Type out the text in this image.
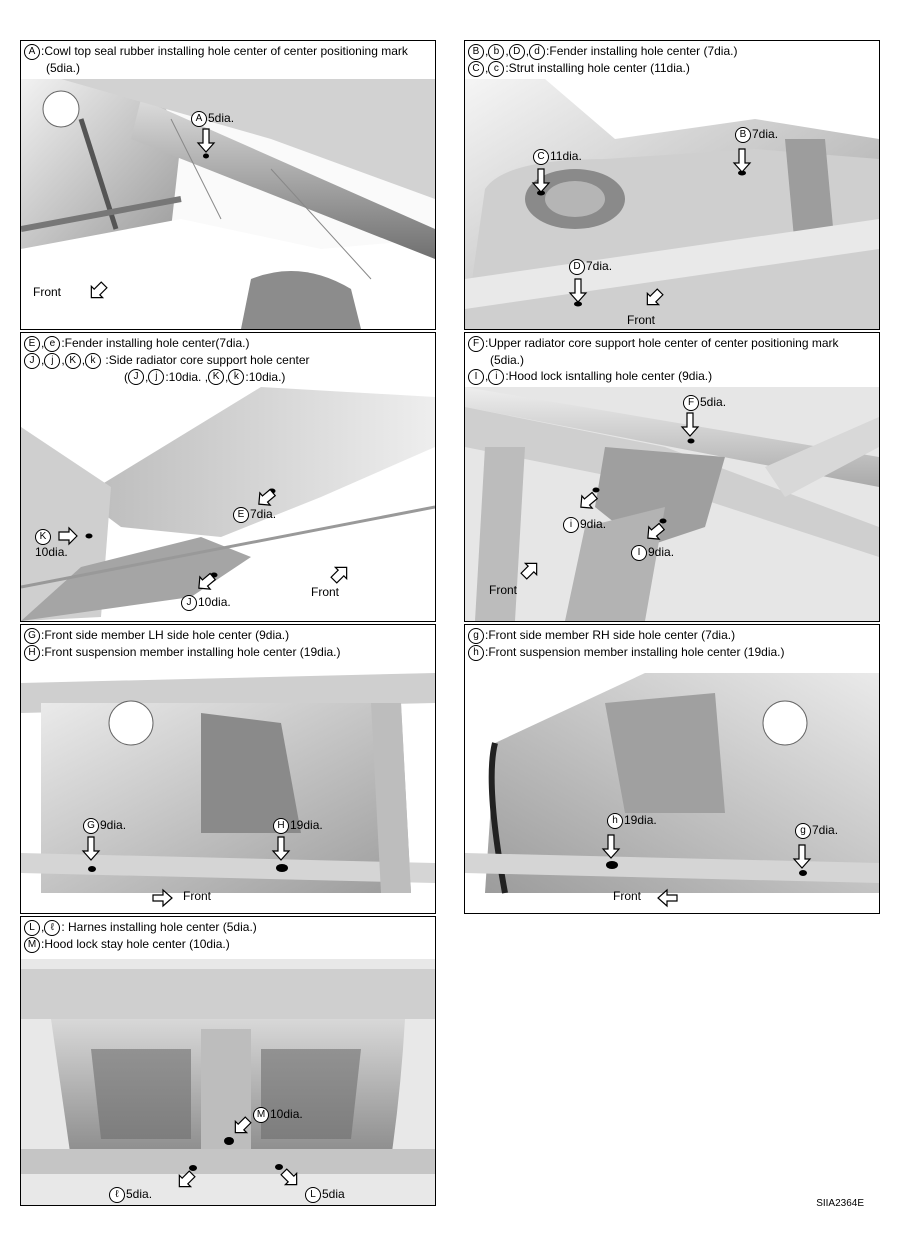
A :Cowl top seal rubber installing hole center of center positioning mark
(5dia.)
A 5dia.
Front
B , b , D , d :Fender installing hole center (7dia.)
C , c :Strut installing hole center (11dia.)
C 11dia.
B 7dia.
D 7dia.
Front
E , e :Fender installing hole center(7dia.)
J , j , K , k :Side radiator core support hole center
( J , j :10dia. , K , k :10dia.)
E 7dia.
K
10dia.
J 10dia.
Front
F :Upper radiator core support hole center of center positioning mark
(5dia.)
I , i :Hood lock isntalling hole center (9dia.)
F 5dia.
i 9dia.
I 9dia.
Front
G :Front side member LH side hole center (9dia.)
H :Front suspension member installing hole center (19dia.)
G 9dia.	H 19dia.
Front
g :Front side member RH side hole center (7dia.)
h :Front suspension member installing hole center (19dia.)
h 19dia.
g 7dia.
Front
L , ℓ : Harnes installing hole center (5dia.)
M :Hood lock stay hole center (10dia.)
M 10dia.
ℓ 5dia.	L 5dia
SIIA2364E
